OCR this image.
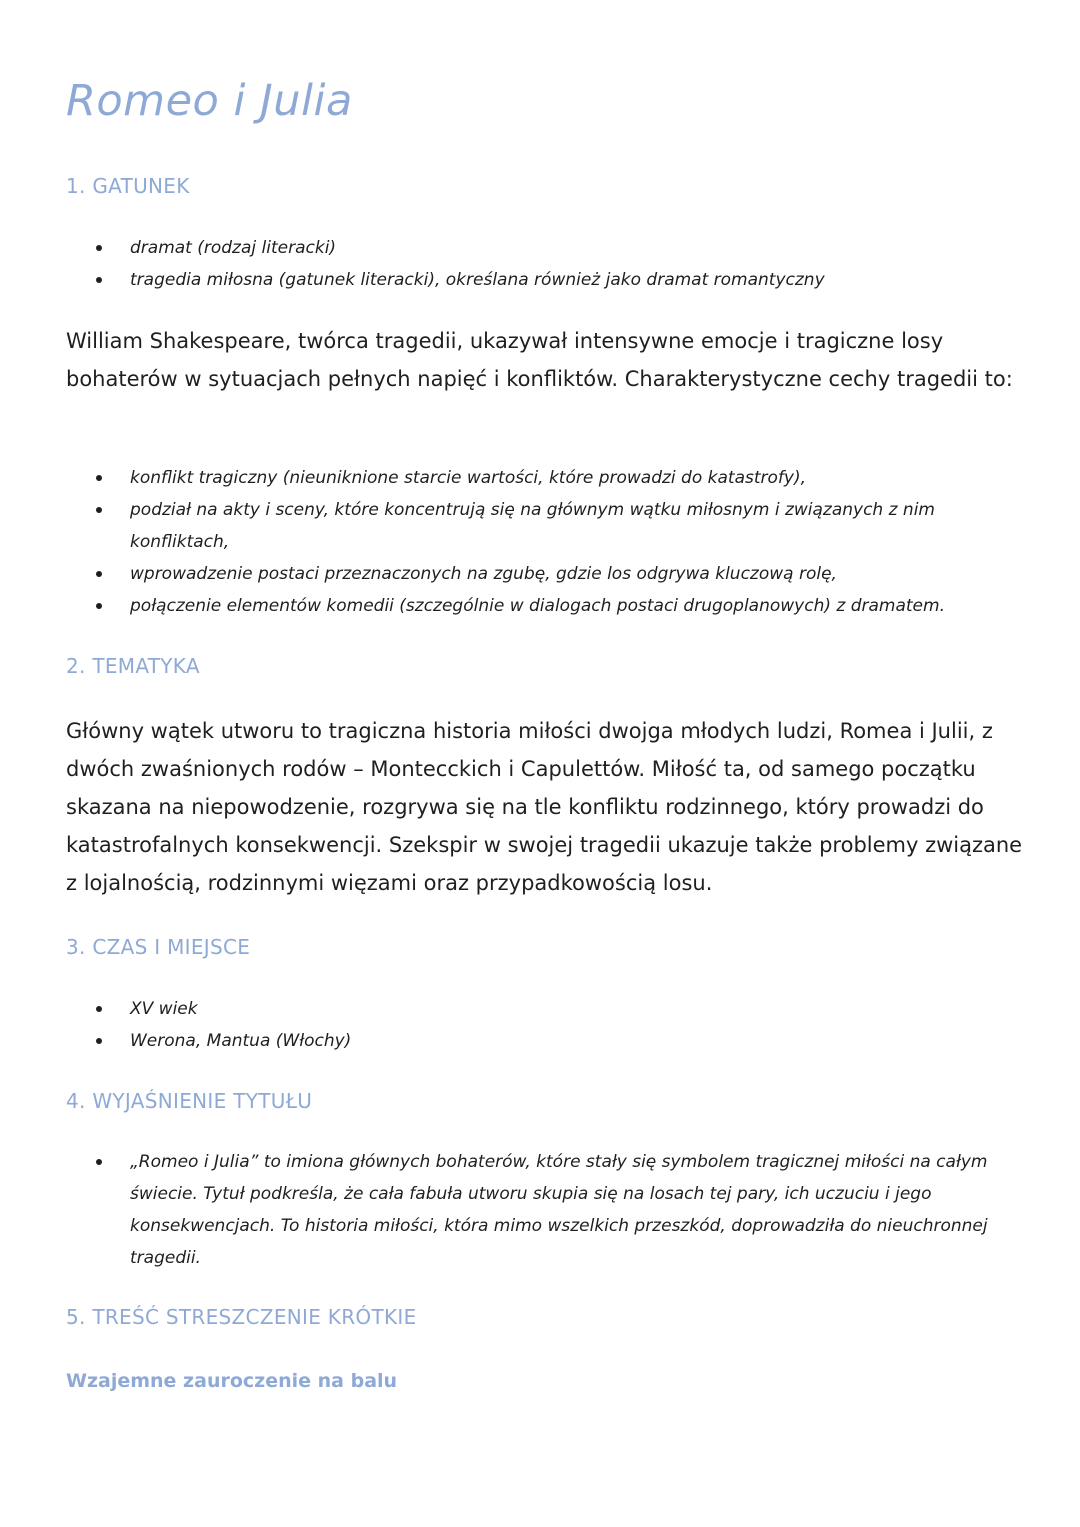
Romeo i Julia
1. GATUNEK
dramat (rodzaj literacki)
tragedia miłosna (gatunek literacki), określana również jako dramat romantyczny

William Shakespeare, twórca tragedii, ukazywał intensywne emocje i tragiczne losy bohaterów w sytuacjach pełnych napięć i konfliktów. Charakterystyczne cechy tragedii to:

konflikt tragiczny (nieuniknione starcie wartości, które prowadzi do katastrofy),
podział na akty i sceny, które koncentrują się na głównym wątku miłosnym i związanych z nim konfliktach,
wprowadzenie postaci przeznaczonych na zgubę, gdzie los odgrywa kluczową rolę,
połączenie elementów komedii (szczególnie w dialogach postaci drugoplanowych) z dramatem.
2. TEMATYKA

Główny wątek utworu to tragiczna historia miłości dwojga młodych ludzi, Romea i Julii, z dwóch zwaśnionych rodów – Montecckich i Capulettów. Miłość ta, od samego początku skazana na niepowodzenie, rozgrywa się na tle konfliktu rodzinnego, który prowadzi do katastrofalnych konsekwencji. Szekspir w swojej tragedii ukazuje także problemy związane z lojalnością, rodzinnymi więzami oraz przypadkowością losu.

3. CZAS I MIEJSCE
XV wiek
Werona, Mantua (Włochy)
4. WYJAŚNIENIE TYTUŁU
„Romeo i Julia” to imiona głównych bohaterów, które stały się symbolem tragicznej miłości na całym świecie. Tytuł podkreśla, że cała fabuła utworu skupia się na losach tej pary, ich uczuciu i jego konsekwencjach. To historia miłości, która mimo wszelkich przeszkód, doprowadziła do nieuchronnej tragedii.
5. TREŚĆ STRESZCZENIE KRÓTKIE
Wzajemne zauroczenie na balu
